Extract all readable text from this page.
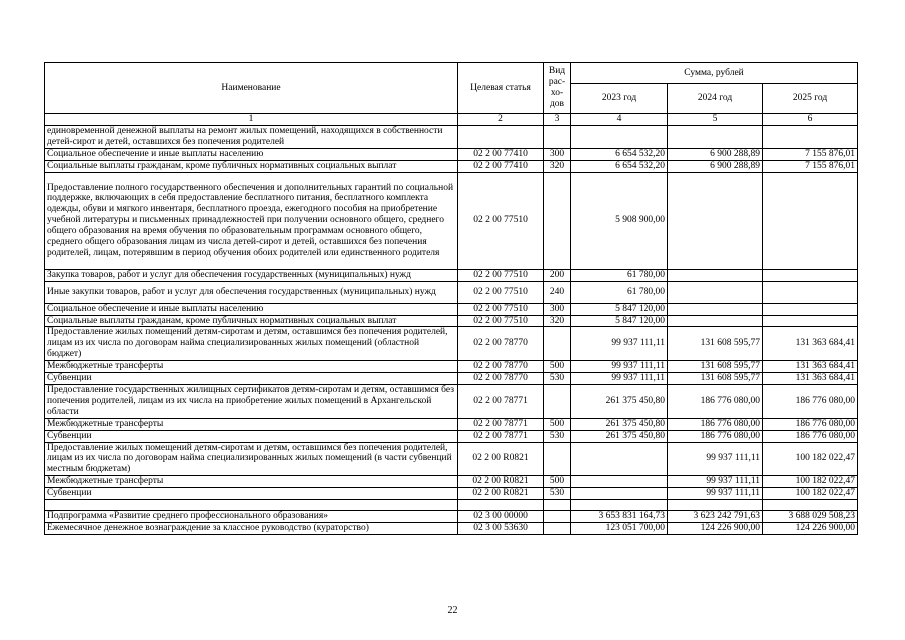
Наименование	Целевая статья	Вид рас- хо- дов	Сумма, рублей		
			2023 год	2024 год	2025 год
1	2	3	4	5	6
единовременной денежной выплаты на ремонт жилых помещений, находящихся в собственности детей-сирот и детей, оставшихся без попечения родителей					
Социальное обеспечение и иные выплаты населению	02 2 00 77410	300	6 654 532,20	6 900 288,89	7 155 876,01
Социальные выплаты гражданам, кроме публичных нормативных социальных выплат	02 2 00 77410	320	6 654 532,20	6 900 288,89	7 155 876,01
Предоставление полного государственного обеспечения и дополнительных гарантий по социальной поддержке, включающих в себя предоставление бесплатного питания, бесплатного комплекта одежды, обуви и мягкого инвентаря, бесплатного проезда, ежегодного пособия на приобретение учебной литературы и письменных принадлежностей при получении основного общего, среднего общего образования на время обучения по образовательным программам основного общего, среднего общего образования лицам из числа детей-сирот и детей, оставшихся без попечения родителей, лицам, потерявшим в период обучения обоих родителей или единственного родителя	02 2 00 77510		5 908 900,00		
Закупка товаров, работ и услуг для обеспечения государственных (муниципальных) нужд	02 2 00 77510	200	61 780,00		
Иные закупки товаров, работ и услуг для обеспечения государственных (муниципальных) нужд	02 2 00 77510	240	61 780,00		
Социальное обеспечение и иные выплаты населению	02 2 00 77510	300	5 847 120,00		
Социальные выплаты гражданам, кроме публичных нормативных социальных выплат	02 2 00 77510	320	5 847 120,00		
Предоставление жилых помещений детям-сиротам и детям, оставшимся без попечения родителей, лицам из их числа по договорам найма специализированных жилых помещений (областной бюджет)	02 2 00 78770		99 937 111,11	131 608 595,77	131 363 684,41
Межбюджетные трансферты	02 2 00 78770	500	99 937 111,11	131 608 595,77	131 363 684,41
Субвенции	02 2 00 78770	530	99 937 111,11	131 608 595,77	131 363 684,41
Предоставление государственных жилищных сертификатов детям-сиротам и детям, оставшимся без попечения родителей, лицам из их числа на приобретение жилых помещений в Архангельской области	02 2 00 78771		261 375 450,80	186 776 080,00	186 776 080,00
Межбюджетные трансферты	02 2 00 78771	500	261 375 450,80	186 776 080,00	186 776 080,00
Субвенции	02 2 00 78771	530	261 375 450,80	186 776 080,00	186 776 080,00
Предоставление жилых помещений детям-сиротам и детям, оставшимся без попечения родителей, лицам из их числа по договорам найма специализированных жилых помещений (в части субвенций местным бюджетам)	02 2 00 R0821			99 937 111,11	100 182 022,47
Межбюджетные трансферты	02 2 00 R0821	500		99 937 111,11	100 182 022,47
Субвенции	02 2 00 R0821	530		99 937 111,11	100 182 022,47

Подпрограмма «Развитие среднего профессионального образования»	02 3 00 00000		3 653 831 164,73	3 623 242 791,63	3 688 029 508,23
Ежемесячное денежное вознаграждение за классное руководство (кураторство)	02 3 00 53630		123 051 700,00	124 226 900,00	124 226 900,00
22
